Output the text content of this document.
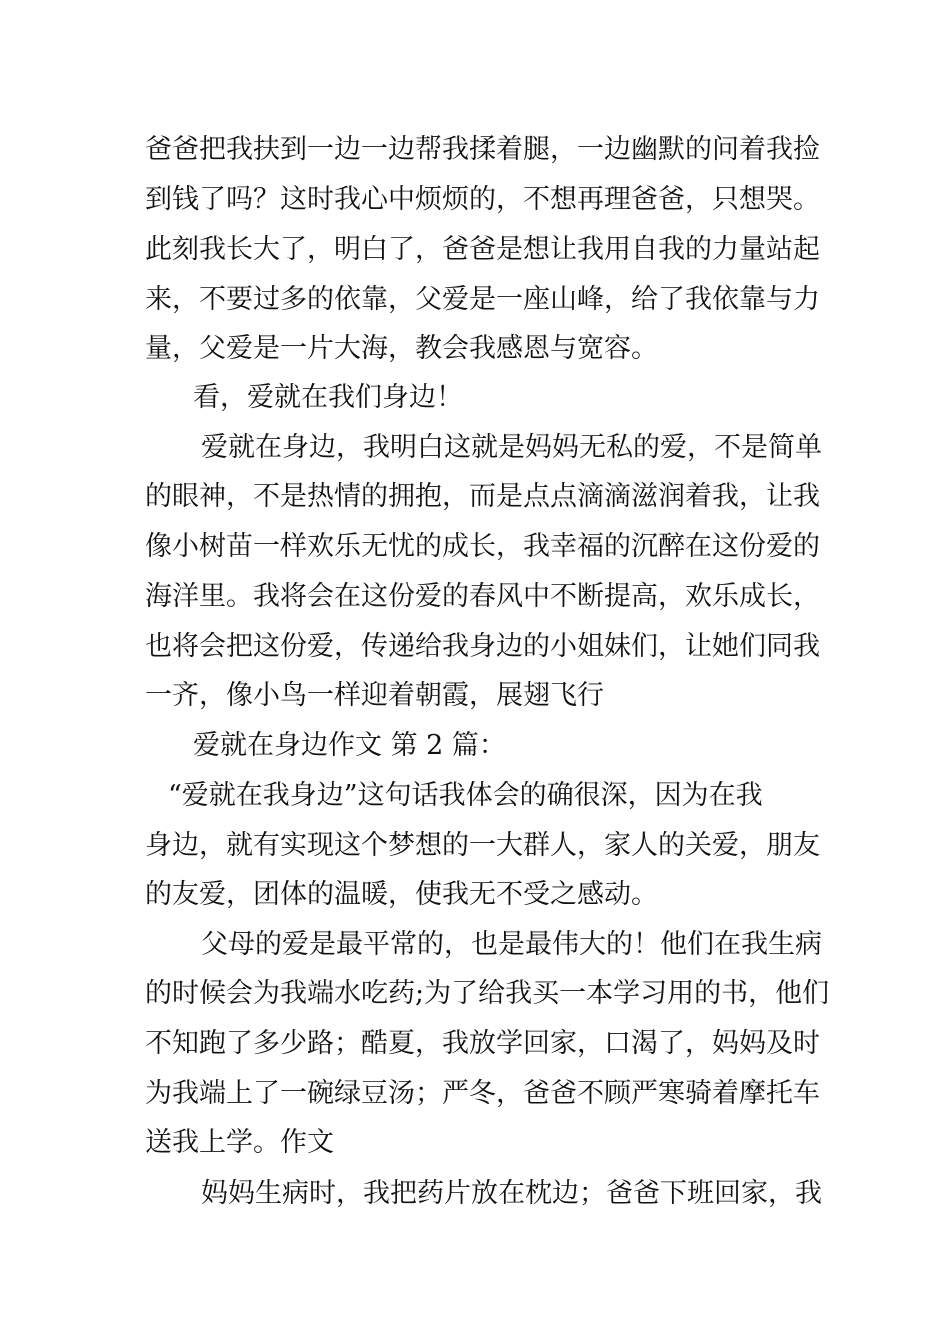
爸爸把我扶到一边一边帮我揉着腿，一边幽默的问着我捡
到钱了吗？这时我心中烦烦的，不想再理爸爸，只想哭。
此刻我长大了，明白了，爸爸是想让我用自我的力量站起
来，不要过多的依靠，父爱是一座山峰，给了我依靠与力
量，父爱是一片大海，教会我感恩与宽容。
看，爱就在我们身边！
爱就在身边，我明白这就是妈妈无私的爱，不是简单
的眼神，不是热情的拥抱，而是点点滴滴滋润着我，让我
像小树苗一样欢乐无忧的成长，我幸福的沉醉在这份爱的
海洋里。我将会在这份爱的春风中不断提高，欢乐成长，
也将会把这份爱，传递给我身边的小姐妹们，让她们同我
一齐，像小鸟一样迎着朝霞，展翅飞行
爱就在身边作文 第 2 篇：
“爱就在我身边”这句话我体会的确很深，因为在我
身边，就有实现这个梦想的一大群人，家人的关爱，朋友
的友爱，团体的温暖，使我无不受之感动。
父母的爱是最平常的，也是最伟大的！他们在我生病
的时候会为我端水吃药;为了给我买一本学习用的书，他们
不知跑了多少路；酷夏，我放学回家，口渴了，妈妈及时
为我端上了一碗绿豆汤；严冬，爸爸不顾严寒骑着摩托车
送我上学。作文
妈妈生病时，我把药片放在枕边；爸爸下班回家，我
